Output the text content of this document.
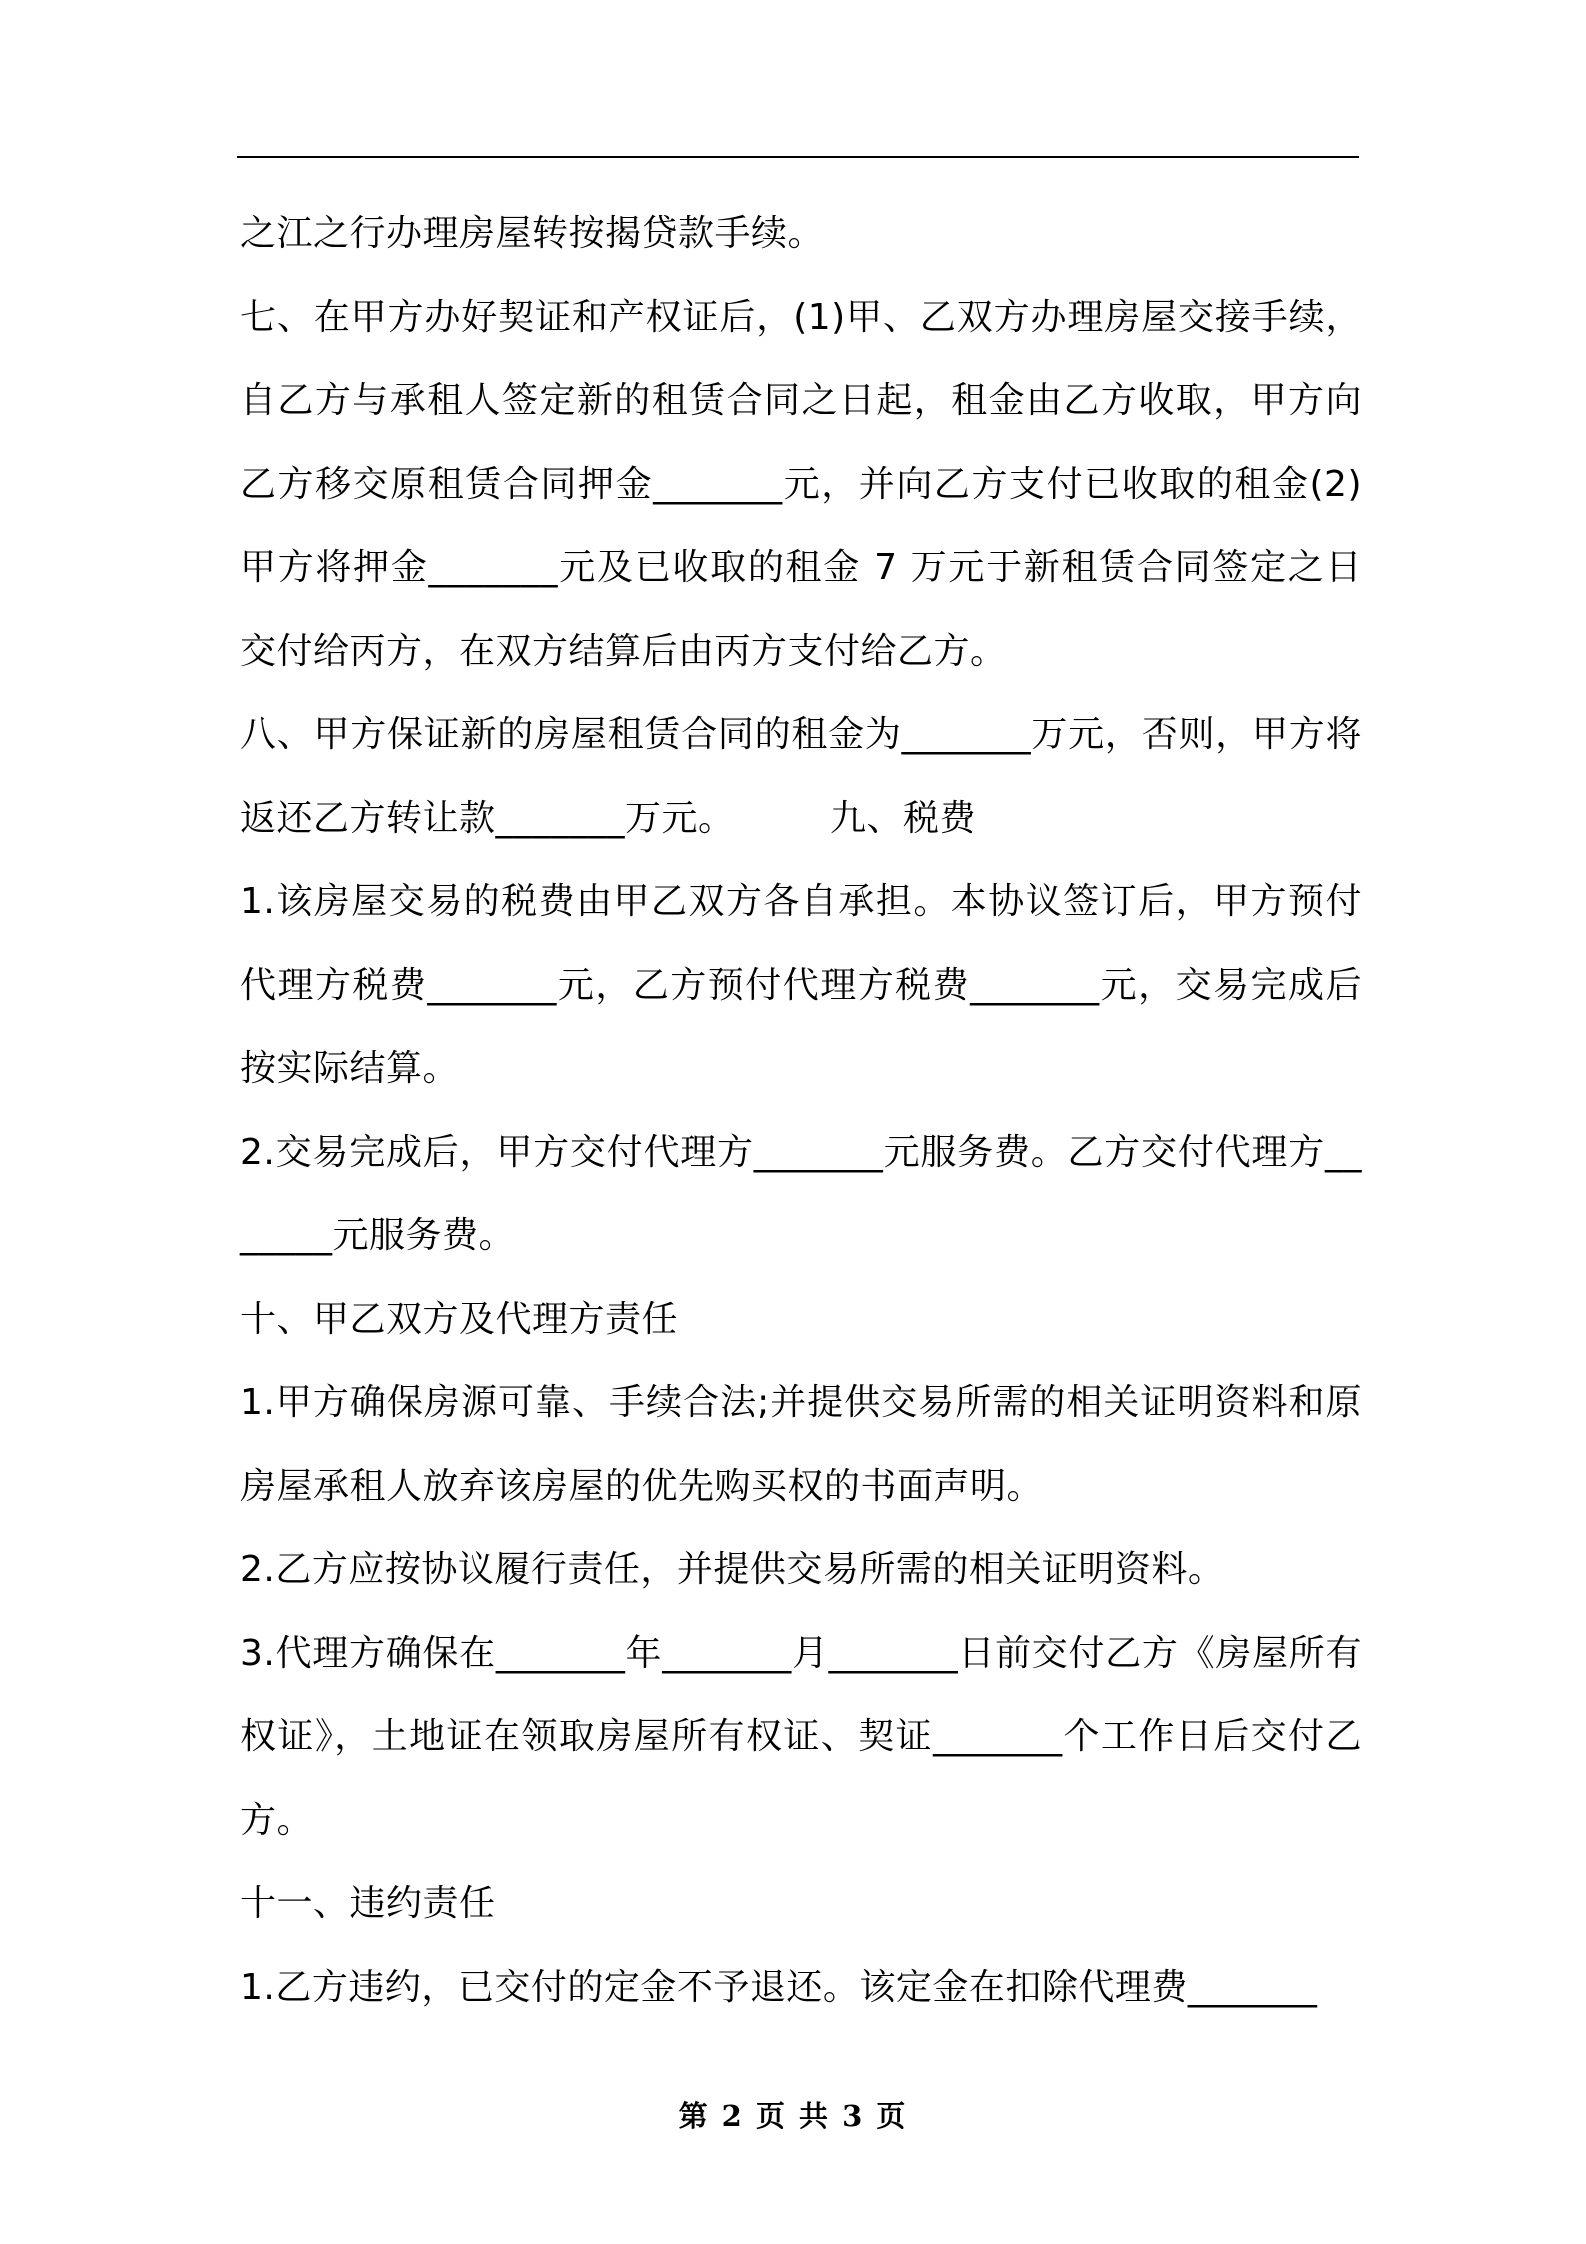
之江之行办理房屋转按揭贷款手续。

七、在甲方办好契证和产权证后，(1)甲、乙双方办理房屋交接手续，自乙方与承租人签定新的租赁合同之日起，租金由乙方收取，甲方向乙方移交原租赁合同押金_______元，并向乙方支付已收取的租金(2)甲方将押金_______元及已收取的租金 7 万元于新租赁合同签定之日交付给丙方，在双方结算后由丙方支付给乙方。

八、甲方保证新的房屋租赁合同的租金为_______万元，否则，甲方将返还乙方转让款_______万元。        九、税费

1.该房屋交易的税费由甲乙双方各自承担。本协议签订后，甲方预付代理方税费_______元，乙方预付代理方税费_______元，交易完成后按实际结算。

2.交易完成后，甲方交付代理方_______元服务费。乙方交付代理方_______元服务费。

十、甲乙双方及代理方责任

1.甲方确保房源可靠、手续合法;并提供交易所需的相关证明资料和原房屋承租人放弃该房屋的优先购买权的书面声明。

2.乙方应按协议履行责任，并提供交易所需的相关证明资料。

3.代理方确保在_______年_______月_______日前交付乙方《房屋所有权证》，土地证在领取房屋所有权证、契证_______个工作日后交付乙方。

十一、违约责任

1.乙方违约，已交付的定金不予退还。该定金在扣除代理费_______

第 2 页 共 3 页
